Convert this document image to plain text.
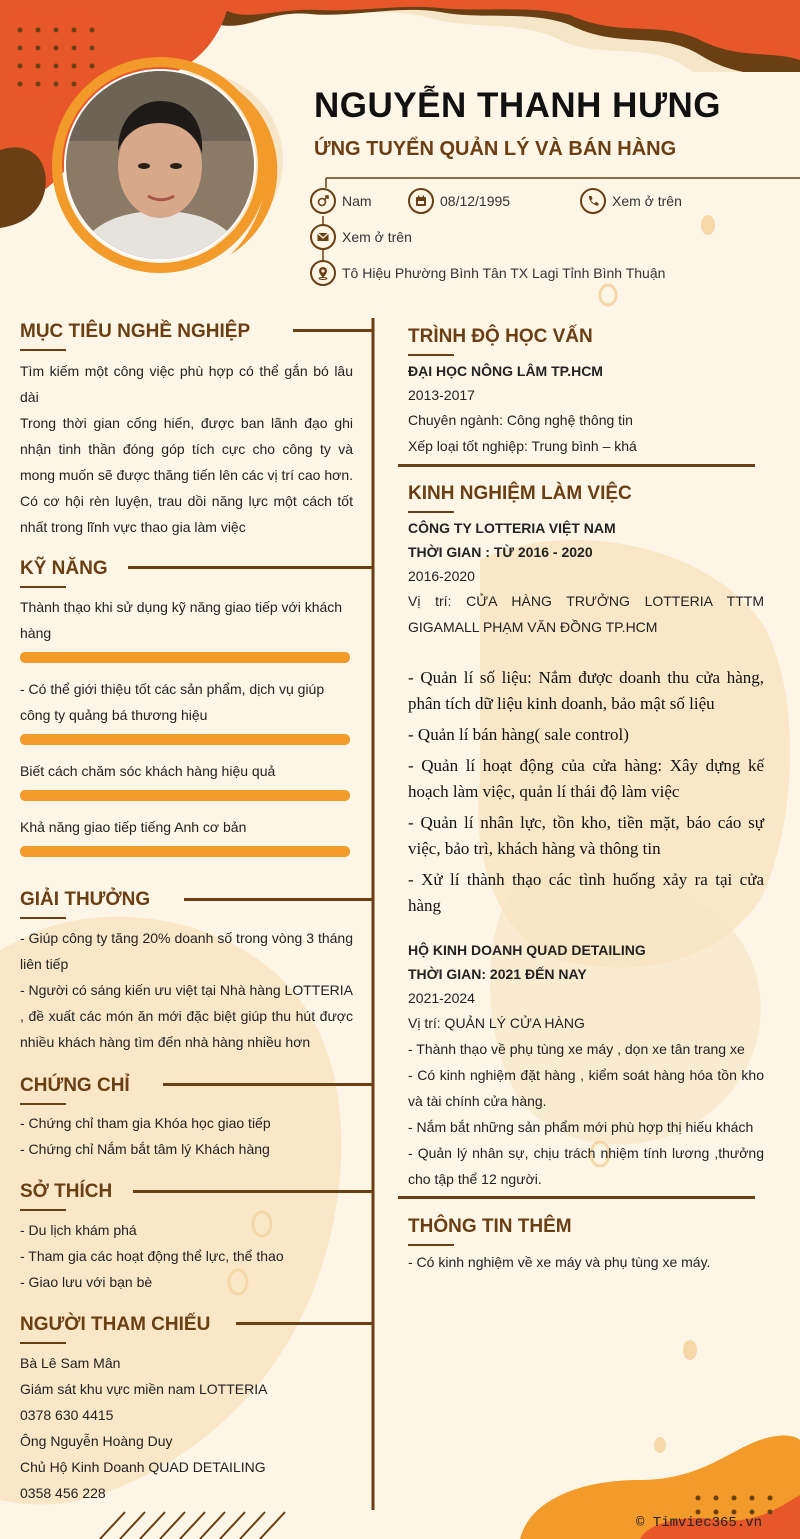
NGUYỄN THANH HƯNG
ỨNG TUYỂN QUẢN LÝ VÀ BÁN HÀNG
Nam	08/12/1995	Xem ở trên
Xem ở trên
Tô Hiệu Phường Bình Tân TX Lagi Tỉnh Bình Thuận
MỤC TIÊU NGHỀ NGHIỆP
Tìm kiếm một công việc phù hợp có thể gắn bó lâu dài
Trong thời gian cống hiến, được ban lãnh đạo ghi nhận tinh thần đóng góp tích cực cho công ty và mong muốn sẽ được thăng tiến lên các vị trí cao hơn. Có cơ hội rèn luyện, trau dồi năng lực một cách tốt nhất trong lĩnh vực thao gia làm việc
KỸ NĂNG
Thành thạo khi sử dụng kỹ năng giao tiếp với khách hàng
- Có thể giới thiệu tốt các sản phẩm, dịch vụ giúp công ty quảng bá thương hiệu
Biết cách chăm sóc khách hàng hiệu quả
Khả năng giao tiếp tiếng Anh cơ bản
GIẢI THƯỞNG
- Giúp công ty tăng 20% doanh số trong vòng 3 tháng liên tiếp
- Người có sáng kiến ưu việt tại Nhà hàng LOTTERIA , đề xuất các món ăn mới đặc biệt giúp thu hút được nhiều khách hàng tìm đến nhà hàng nhiều hơn
CHỨNG CHỈ
- Chứng chỉ tham gia Khóa học giao tiếp
- Chứng chỉ Nắm bắt tâm lý Khách hàng
SỞ THÍCH
- Du lịch khám phá
- Tham gia các hoạt động thể lực, thể thao
- Giao lưu với bạn bè
NGƯỜI THAM CHIẾU
Bà Lê Sam Mân
Giám sát khu vực miền nam LOTTERIA
0378 630 4415
Ông Nguyễn Hoàng Duy
Chủ Hộ Kinh Doanh QUAD DETAILING
0358 456 228
TRÌNH ĐỘ HỌC VẤN
ĐẠI HỌC NÔNG LÂM TP.HCM
2013-2017
Chuyên ngành: Công nghệ thông tin
Xếp loại tốt nghiệp: Trung bình – khá
KINH NGHIỆM LÀM VIỆC
CÔNG TY LOTTERIA VIỆT NAM
THỜI GIAN : TỪ 2016 - 2020
2016-2020
Vị trí: CỬA HÀNG TRƯỞNG LOTTERIA TTTM GIGAMALL PHẠM VĂN ĐỒNG TP.HCM
- Quản lí số liệu: Nắm được doanh thu cửa hàng, phân tích dữ liệu kinh doanh, bảo mật số liệu
- Quản lí bán hàng( sale control)
- Quản lí hoạt động của cửa hàng: Xây dựng kế hoạch làm việc, quản lí thái độ làm việc
- Quản lí nhân lực, tồn kho, tiền mặt, báo cáo sự việc, bảo trì, khách hàng và thông tin
- Xử lí thành thạo các tình huống xảy ra tại cửa hàng
HỘ KINH DOANH QUAD DETAILING
THỜI GIAN: 2021 ĐẾN NAY
2021-2024
Vị trí: QUẢN LÝ CỬA HÀNG
- Thành thạo về phụ tùng xe máy , dọn xe tân trang xe
- Có kinh nghiệm đặt hàng , kiểm soát hàng hóa tồn kho và tài chính cửa hàng.
- Nắm bắt những sản phẩm mới phù hợp thị hiếu khách
- Quản lý nhân sự, chịu trách nhiệm tính lương ,thưởng cho tập thể 12 người.
THÔNG TIN THÊM
- Có kinh nghiệm về xe máy và phụ tùng xe máy.
© Timviec365.vn
